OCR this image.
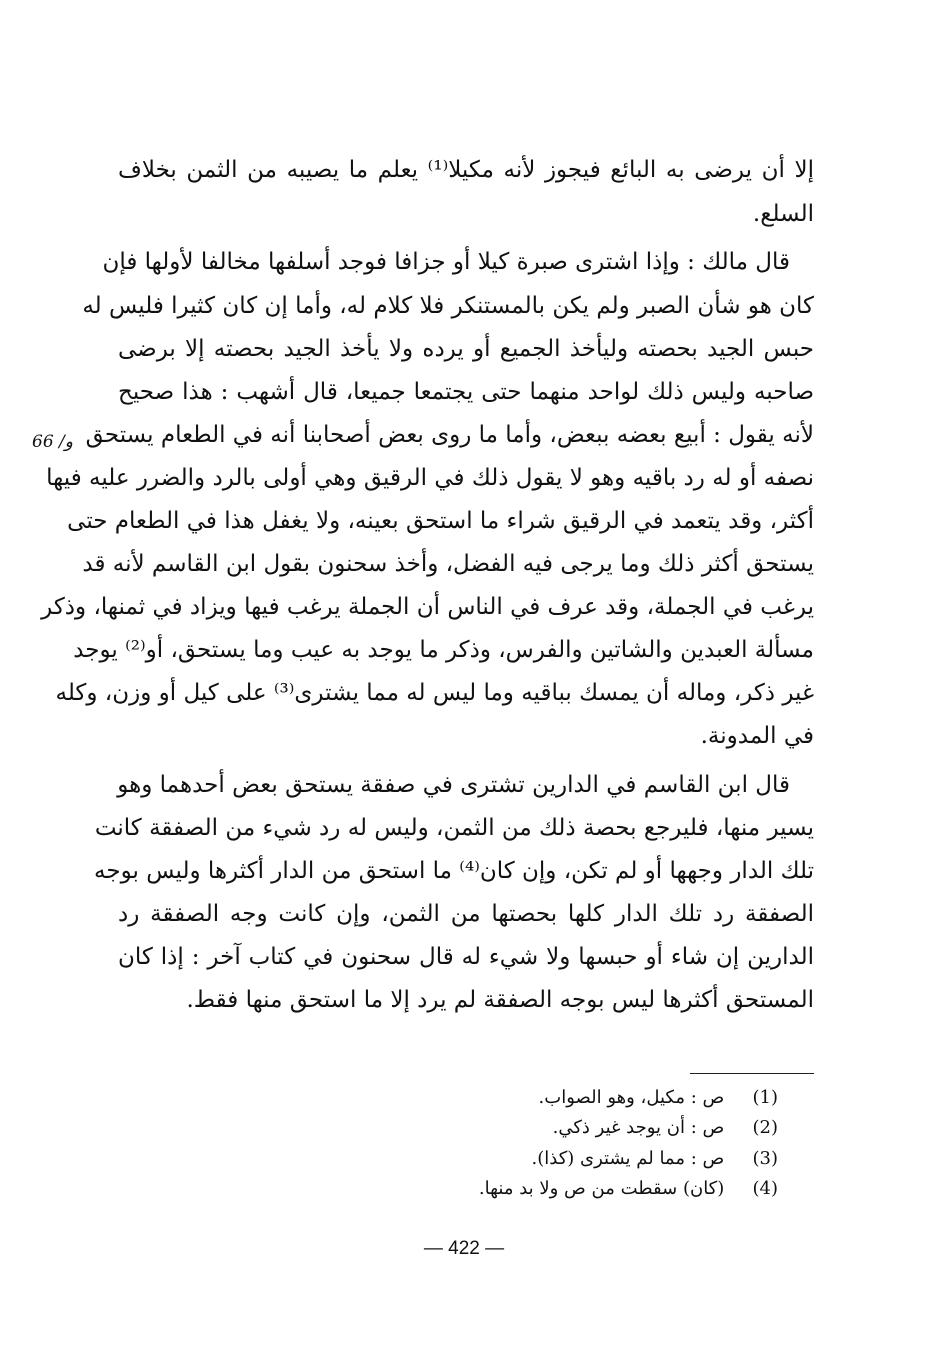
إلا أن يرضى به البائع فيجوز لأنه مكيلا⁽¹⁾ يعلم ما يصيبه من الثمن بخلاف
السلع.
قال مالك : وإذا اشترى صبرة كيلا أو جزافا فوجد أسلفها مخالفا لأولها فإن
كان هو شأن الصبر ولم يكن بالمستنكر فلا كلام له، وأما إن كان كثيرا فليس له
حبس الجيد بحصته وليأخذ الجميع أو يرده ولا يأخذ الجيد بحصته إلا برضى
صاحبه وليس ذلك لواحد منهما حتى يجتمعا جميعا، قال أشهب : هذا صحيح
لأنه يقول : أبيع بعضه ببعض، وأما ما روى بعض أصحابنا أنه في الطعام يستحق
نصفه أو له رد باقيه وهو لا يقول ذلك في الرقيق وهي أولى بالرد والضرر عليه فيها
أكثر، وقد يتعمد في الرقيق شراء ما استحق بعينه، ولا يغفل هذا في الطعام حتى
يستحق أكثر ذلك وما يرجى فيه الفضل، وأخذ سحنون بقول ابن القاسم لأنه قد
يرغب في الجملة، وقد عرف في الناس أن الجملة يرغب فيها ويزاد في ثمنها، وذكر
مسألة العبدين والشاتين والفرس، وذكر ما يوجد به عيب وما يستحق، أو⁽²⁾ يوجد
غير ذكر، وماله أن يمسك بباقيه وما ليس له مما يشترى⁽³⁾ على كيل أو وزن، وكله
في المدونة.
قال ابن القاسم في الدارين تشترى في صفقة يستحق بعض أحدهما وهو
يسير منها، فليرجع بحصة ذلك من الثمن، وليس له رد شيء من الصفقة كانت
تلك الدار وجهها أو لم تكن، وإن كان⁽⁴⁾ ما استحق من الدار أكثرها وليس بوجه
الصفقة رد تلك الدار كلها بحصتها من الثمن، وإن كانت وجه الصفقة رد
الدارين إن شاء أو حبسها ولا شيء له قال سحنون في كتاب آخر : إذا كان
المستحق أكثرها ليس بوجه الصفقة لم يرد إلا ما استحق منها فقط.
66 /و
(1) ص : مكيل، وهو الصواب.
(2) ص : أن يوجد غير ذكي.
(3) ص : مما لم يشترى (كذا).
(4) (كان) سقطت من ص ولا بد منها.
— 422 —
